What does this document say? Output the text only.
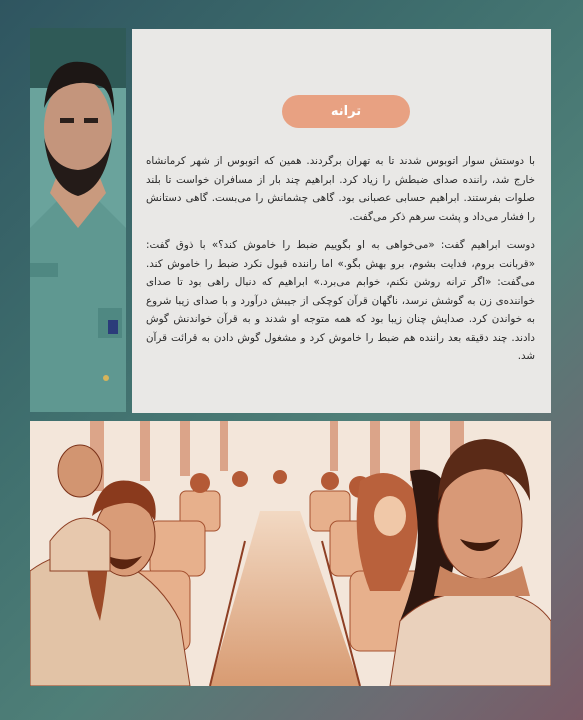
ترانه

با دوستش سوار اتوبوس شدند تا به تهران برگردند. همین که اتوبوس از شهر کرمانشاه خارج شد، راننده صدای ضبطش را زیاد کرد. ابراهیم چند بار از مسافران خواست تا بلند صلوات بفرستند. ابراهیم حسابی عصبانی بود. گاهی چشمانش را می‌بست. گاهی دستانش را فشار می‌داد و پشت سرهم ذکر می‌گفت.

دوست ابراهیم گفت: «می‌خواهی به او بگوییم ضبط را خاموش کند؟» با ذوق گفت: «قربانت بروم، فدایت بشوم، برو بهش بگو.» اما راننده قبول نکرد ضبط را خاموش کند. می‌گفت: «اگر ترانه روشن نکنم، خوابم می‌برد.» ابراهیم که دنبال راهی بود تا صدای خواننده‌ی زن به گوشش نرسد، ناگهان قرآن کوچکی از جیبش درآورد و با صدای زیبا شروع به خواندن کرد. صدایش چنان زیبا بود که همه متوجه او شدند و به قرآن خواندنش گوش دادند. چند دقیقه بعد راننده هم ضبط را خاموش کرد و مشغول گوش دادن به قرائت قرآن شد.
